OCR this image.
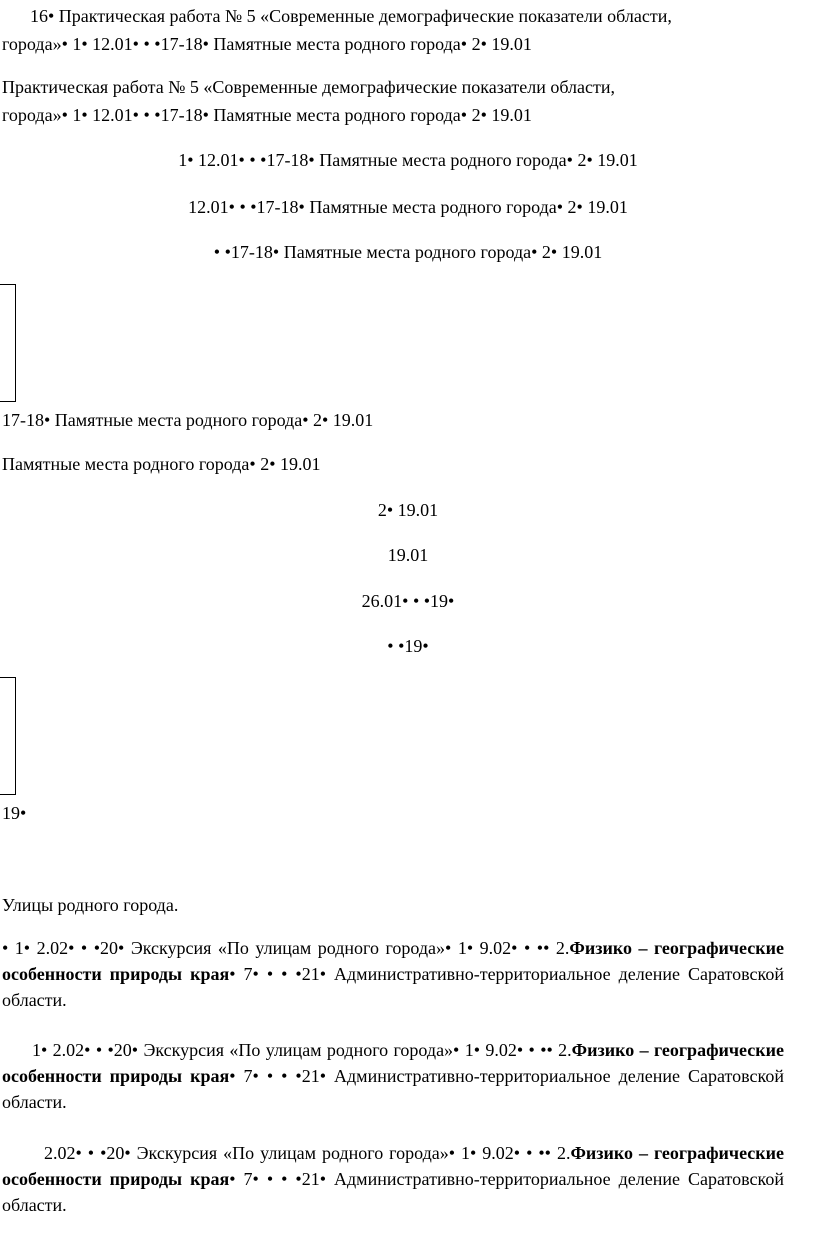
16• Практическая работа № 5 «Современные демографические показатели области,
города»• 1• 12.01• • •17-18• Памятные места родного города• 2• 19.01
Практическая работа № 5 «Современные демографические показатели области,
города»• 1• 12.01• • •17-18• Памятные места родного города• 2• 19.01
1• 12.01• • •17-18• Памятные места родного города• 2• 19.01
12.01• • •17-18• Памятные места родного города• 2• 19.01
• •17-18• Памятные места родного города• 2• 19.01
17-18• Памятные места родного города• 2• 19.01
Памятные места родного города• 2• 19.01
2• 19.01
19.01
26.01• • •19•
• •19•
19•
Улицы родного города.
• 1• 2.02• • •20• Экскурсия «По улицам родного города»• 1• 9.02• • •• 2.Физико – географические особенности природы края• 7• • • •21• Административно-территориальное деление Саратовской области.
1• 2.02• • •20• Экскурсия «По улицам родного города»• 1• 9.02• • •• 2.Физико – географические особенности природы края• 7• • • •21• Административно-территориальное деление Саратовской области.
2.02• • •20• Экскурсия «По улицам родного города»• 1• 9.02• • •• 2.Физико – географические особенности природы края• 7• • • •21• Административно-территориальное деление Саратовской области.
